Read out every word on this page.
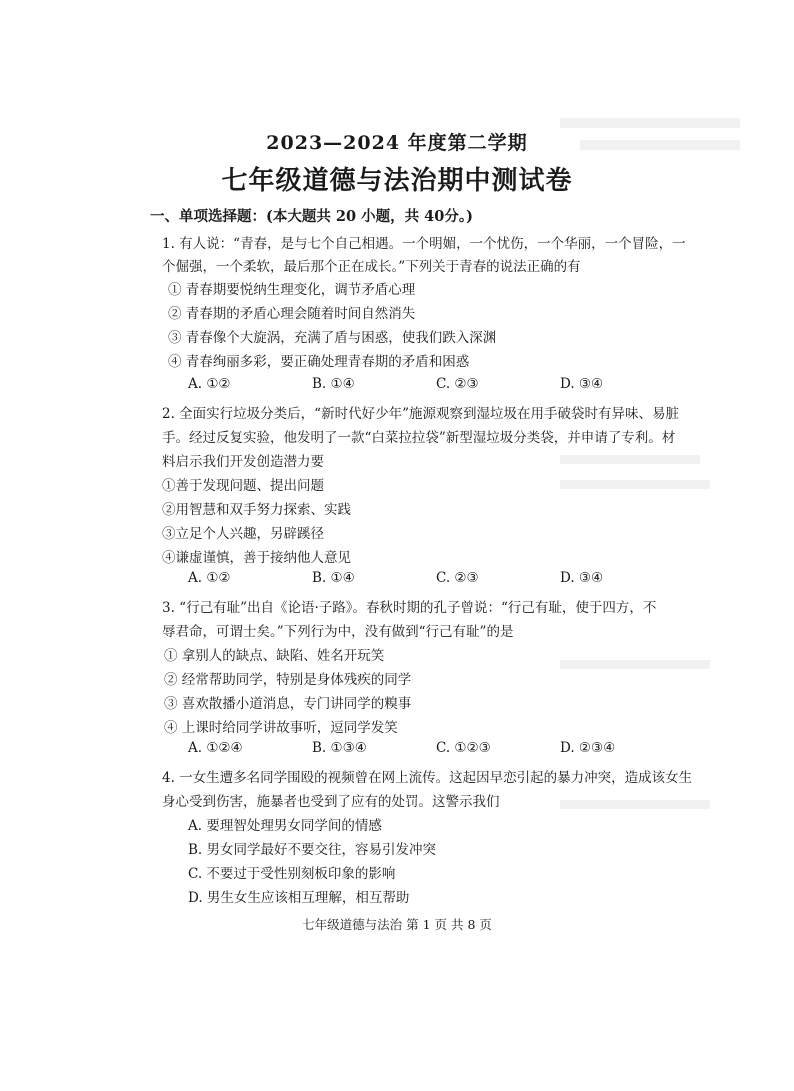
2023—2024 年度第二学期
七年级道德与法治期中测试卷
一、单项选择题：(本大题共 20 小题，共 40分。)
1. 有人说：“青春，是与七个自己相遇。一个明媚，一个忧伤，一个华丽，一个冒险，一
个倔强，一个柔软，最后那个正在成长。”下列关于青春的说法正确的有
① 青春期要悦纳生理变化，调节矛盾心理
② 青春期的矛盾心理会随着时间自然消失
③ 青春像个大旋涡，充满了盾与困惑，使我们跌入深渊
④ 青春绚丽多彩，要正确处理青春期的矛盾和困惑
A. ①②	B. ①④	C. ②③	D. ③④
2. 全面实行垃圾分类后，“新时代好少年”施源观察到湿垃圾在用手破袋时有异味、易脏
手。经过反复实验，他发明了一款“白菜拉拉袋”新型湿垃圾分类袋，并申请了专利。材
料启示我们开发创造潜力要
①善于发现问题、提出问题
②用智慧和双手努力探索、实践
③立足个人兴趣，另辟蹊径
④谦虚谨慎，善于接纳他人意见
A. ①②	B. ①④	C. ②③	D. ③④
3. “行己有耻”出自《论语·子路》。春秋时期的孔子曾说：“行己有耻，使于四方，不
辱君命，可谓士矣。”下列行为中，没有做到“行己有耻”的是
① 拿别人的缺点、缺陷、姓名开玩笑
② 经常帮助同学，特别是身体残疾的同学
③ 喜欢散播小道消息，专门讲同学的糗事
④ 上课时给同学讲故事听，逗同学发笑
A. ①②④	B. ①③④	C. ①②③	D. ②③④
4. 一女生遭多名同学围殴的视频曾在网上流传。这起因早恋引起的暴力冲突，造成该女生
身心受到伤害，施暴者也受到了应有的处罚。这警示我们
A. 要理智处理男女同学间的情感
B. 男女同学最好不要交往，容易引发冲突
C. 不要过于受性别刻板印象的影响
D. 男生女生应该相互理解，相互帮助
七年级道德与法治 第 1 页 共 8 页
